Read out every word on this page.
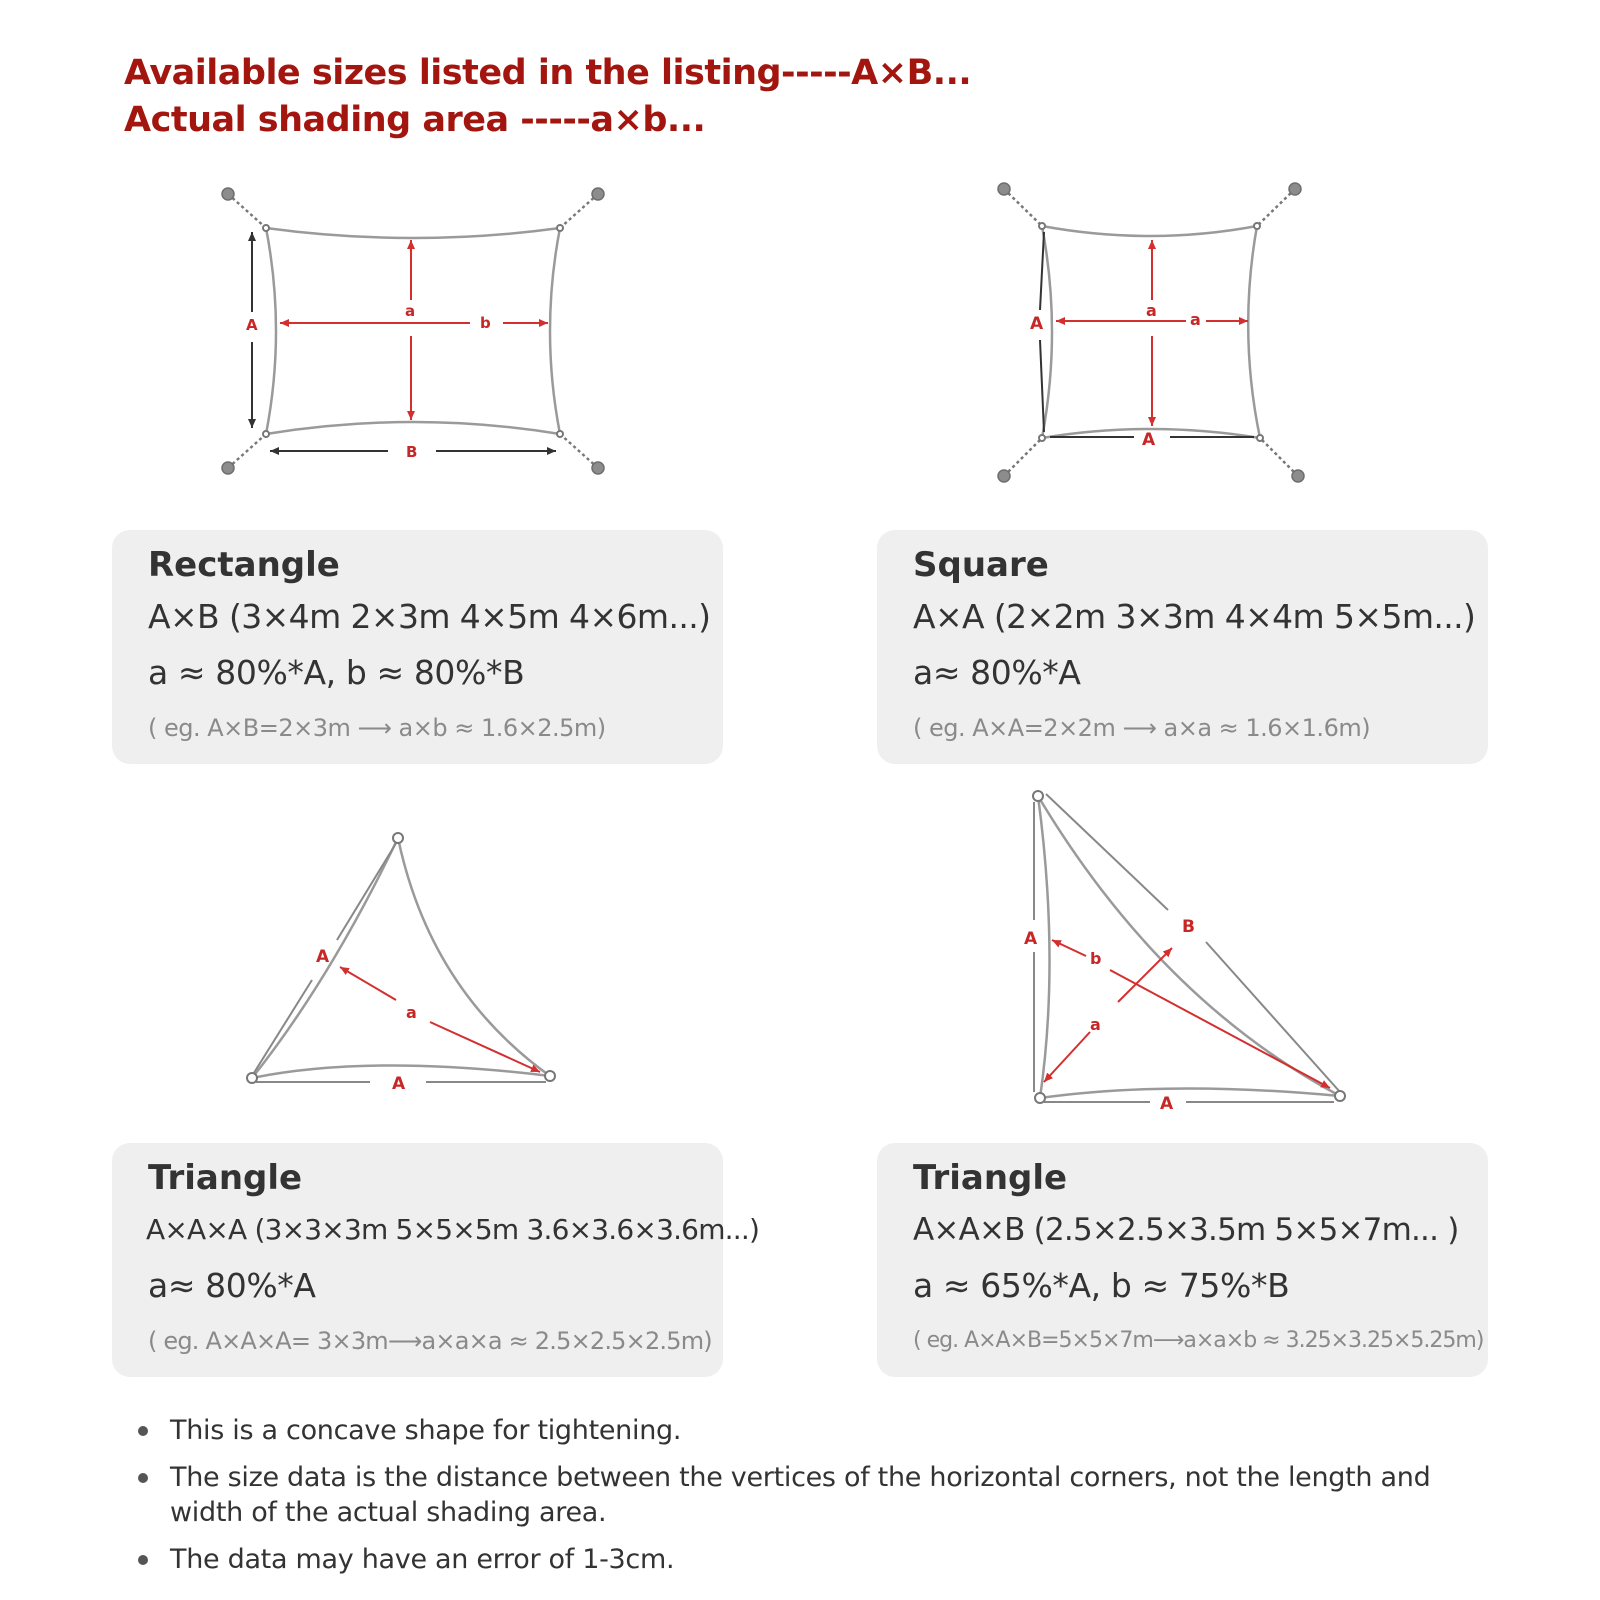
Available sizes listed in the listing-----A×B...
Actual shading area -----a×b...
A
B
a
b	A
A
a a
Rectangle
A×B (3×4m 2×3m 4×5m 4×6m...)
a ≈ 80%*A, b ≈ 80%*B
( eg. A×B=2×3m ⟶ a×b ≈ 1.6×2.5m)
Square
A×A (2×2m 3×3m 4×4m 5×5m...)
a≈ 80%*A
( eg. A×A=2×2m ⟶ a×a ≈ 1.6×1.6m)
A
A
a
A
A
B
b
a
Triangle
A×A×A (3×3×3m 5×5×5m 3.6×3.6×3.6m...)
a≈ 80%*A
( eg. A×A×A= 3×3m⟶a×a×a ≈ 2.5×2.5×2.5m)
Triangle
A×A×B (2.5×2.5×3.5m 5×5×7m... )
a ≈ 65%*A, b ≈ 75%*B
( eg. A×A×B=5×5×7m⟶a×a×b ≈ 3.25×3.25×5.25m)
This is a concave shape for tightening.
The size data is the distance between the vertices of the horizontal corners, not the length and width of the actual shading area.
The data may have an error of 1-3cm.
